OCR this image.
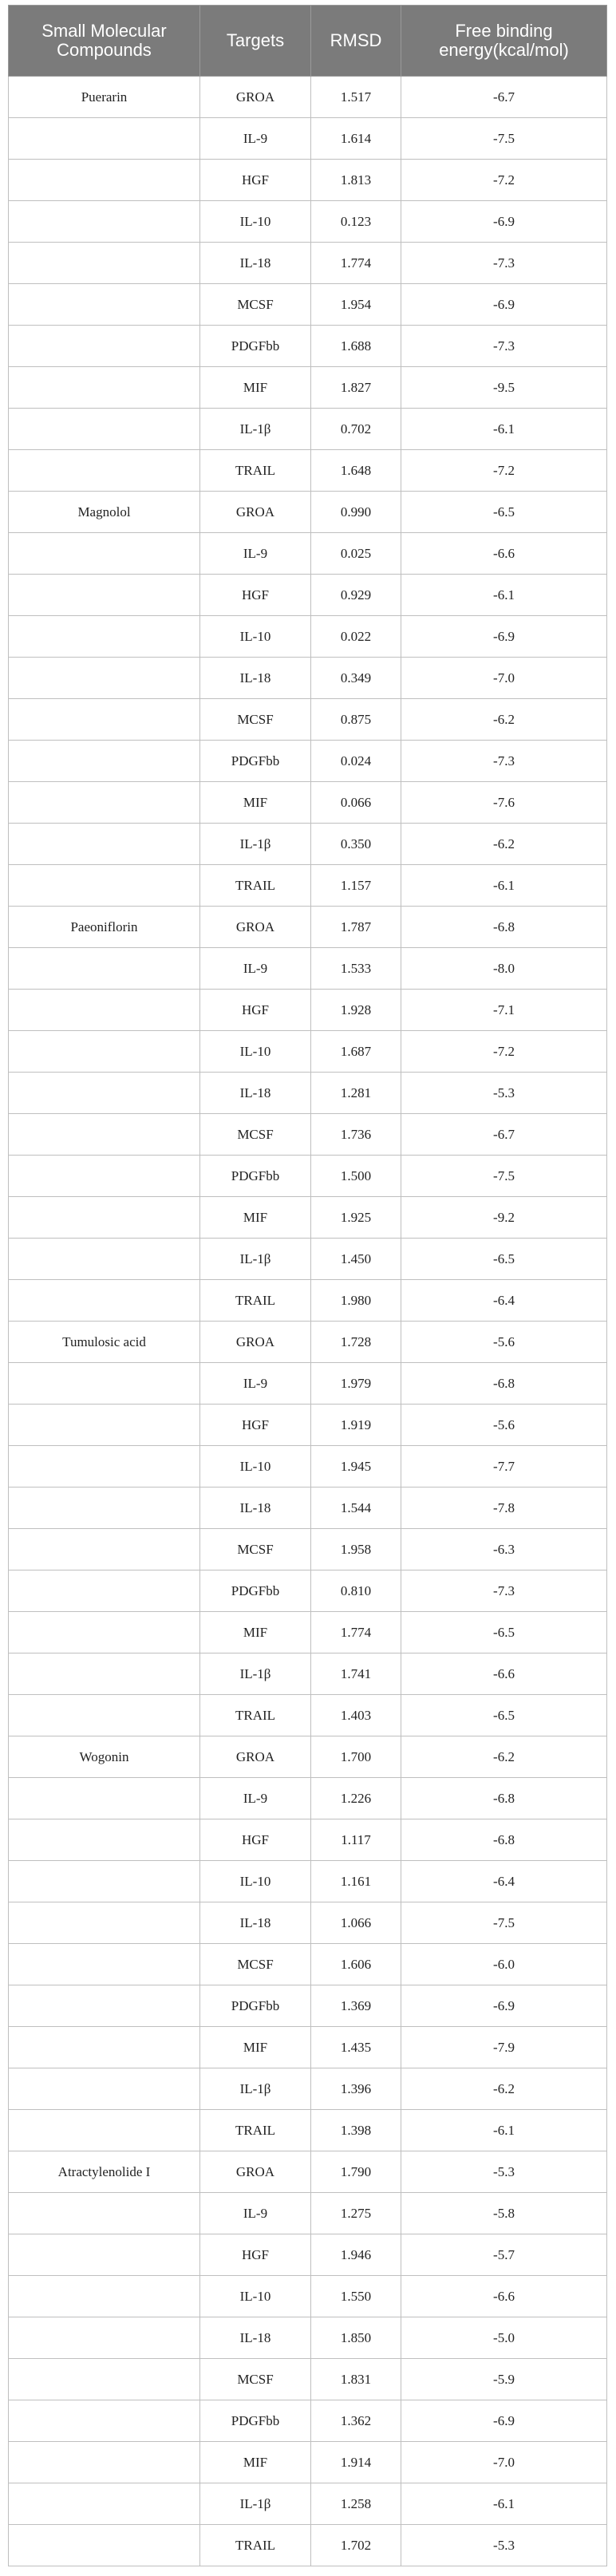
Small Molecular Compounds	Targets	RMSD	Free binding energy(kcal/mol)
Puerarin	GROA	1.517	-6.7
	IL-9	1.614	-7.5
	HGF	1.813	-7.2
	IL-10	0.123	-6.9
	IL-18	1.774	-7.3
	MCSF	1.954	-6.9
	PDGFbb	1.688	-7.3
	MIF	1.827	-9.5
	IL-1β	0.702	-6.1
	TRAIL	1.648	-7.2
Magnolol	GROA	0.990	-6.5
	IL-9	0.025	-6.6
	HGF	0.929	-6.1
	IL-10	0.022	-6.9
	IL-18	0.349	-7.0
	MCSF	0.875	-6.2
	PDGFbb	0.024	-7.3
	MIF	0.066	-7.6
	IL-1β	0.350	-6.2
	TRAIL	1.157	-6.1
Paeoniflorin	GROA	1.787	-6.8
	IL-9	1.533	-8.0
	HGF	1.928	-7.1
	IL-10	1.687	-7.2
	IL-18	1.281	-5.3
	MCSF	1.736	-6.7
	PDGFbb	1.500	-7.5
	MIF	1.925	-9.2
	IL-1β	1.450	-6.5
	TRAIL	1.980	-6.4
Tumulosic acid	GROA	1.728	-5.6
	IL-9	1.979	-6.8
	HGF	1.919	-5.6
	IL-10	1.945	-7.7
	IL-18	1.544	-7.8
	MCSF	1.958	-6.3
	PDGFbb	0.810	-7.3
	MIF	1.774	-6.5
	IL-1β	1.741	-6.6
	TRAIL	1.403	-6.5
Wogonin	GROA	1.700	-6.2
	IL-9	1.226	-6.8
	HGF	1.117	-6.8
	IL-10	1.161	-6.4
	IL-18	1.066	-7.5
	MCSF	1.606	-6.0
	PDGFbb	1.369	-6.9
	MIF	1.435	-7.9
	IL-1β	1.396	-6.2
	TRAIL	1.398	-6.1
Atractylenolide I	GROA	1.790	-5.3
	IL-9	1.275	-5.8
	HGF	1.946	-5.7
	IL-10	1.550	-6.6
	IL-18	1.850	-5.0
	MCSF	1.831	-5.9
	PDGFbb	1.362	-6.9
	MIF	1.914	-7.0
	IL-1β	1.258	-6.1
	TRAIL	1.702	-5.3
